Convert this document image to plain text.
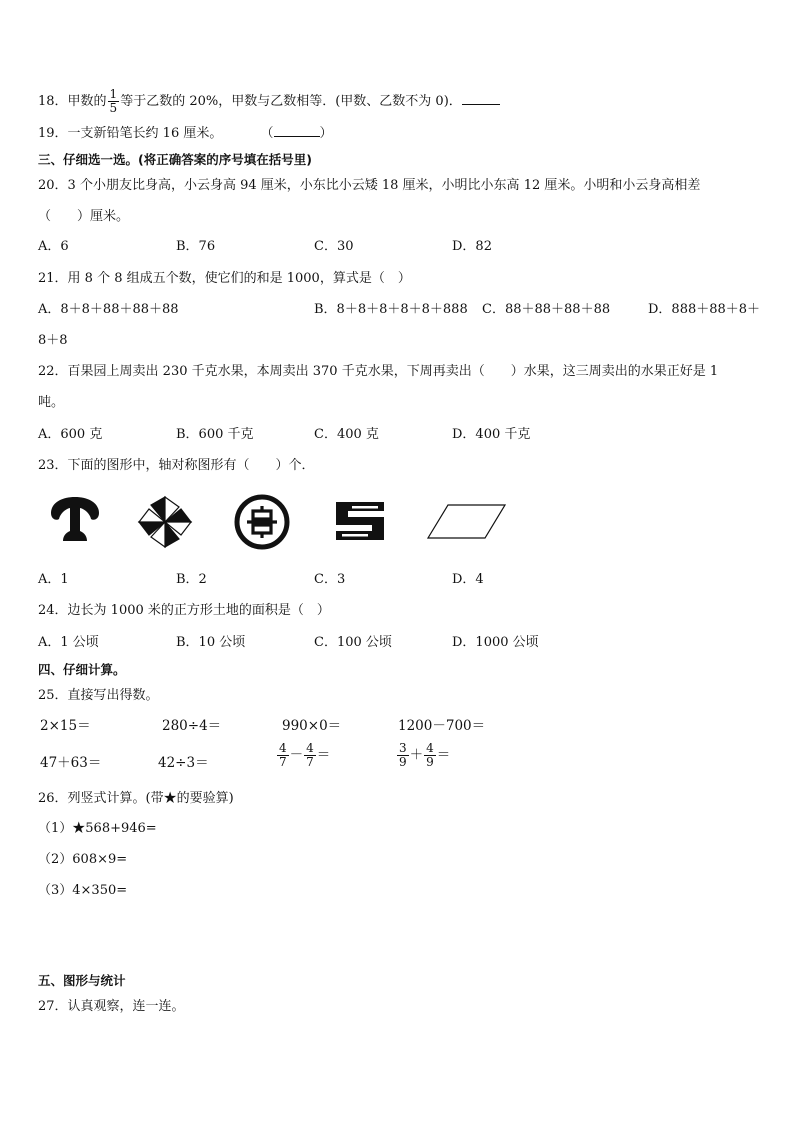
18．甲数的 $\frac{1}{5}$ 等于乙数的 20%，甲数与乙数相等．(甲数、乙数不为 0)．
19．一支新铅笔长约 16 厘米。	（	）
三、仔细选一选。(将正确答案的序号填在括号里)
20．3 个小朋友比身高，小云身高 94 厘米，小东比小云矮 18 厘米，小明比小东高 12 厘米。小明和小云身高相差
（　　）厘米。
A．6	B．76	C．30	D．82
21．用 8 个 8 组成五个数，使它们的和是 1000，算式是（　）
A．8＋8＋88＋88＋88	B．8＋8＋8＋8＋8＋888 C．88＋88＋88＋88	D．888＋88＋8＋
8＋8
22．百果园上周卖出 230 千克水果，本周卖出 370 千克水果，下周再卖出（　　）水果，这三周卖出的水果正好是 1
吨。
A．600 克	B．600 千克	C．400 克	D．400 千克
23．下面的图形中，轴对称图形有（　　）个．
A．1	B．2	C．3	D．4
24．边长为 1000 米的正方形土地的面积是（　）
A．1 公顷	B．10 公顷	C．100 公顷	D．1000 公顷
四、仔细计算。
25．直接写出得数。
2×15＝	280÷4＝	990×0＝	1200－700＝
47＋63＝	42÷3＝	$\frac{4}{7} - \frac{4}{7}$ ＝	$\frac{3}{9} + \frac{4}{9}$ ＝
26．列竖式计算。(带★的要验算)
（1）★568+946=
（2）608×9=
（3）4×350=
五、图形与统计
27．认真观察，连一连。
